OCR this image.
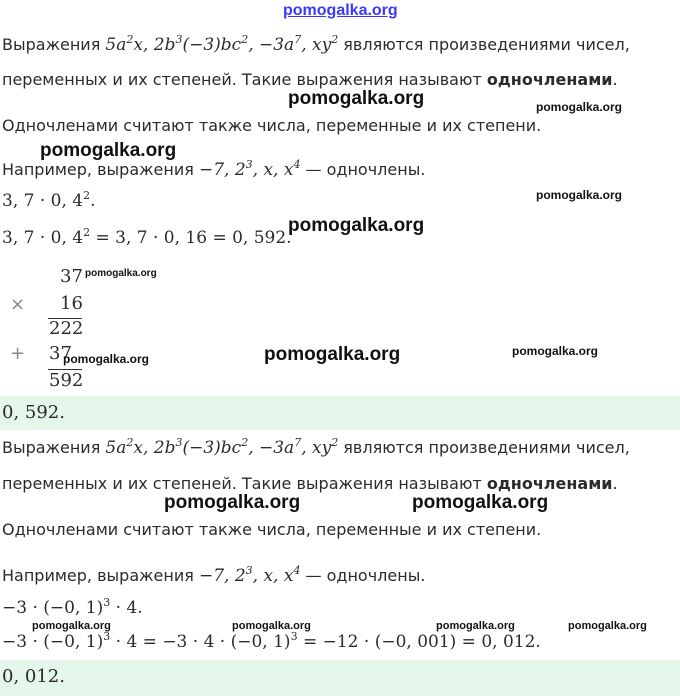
pomogalka.org
Выражения $5a^2x$, $2b^3(-3)bc^2$, $-3a^7$, $xy^2$ являются произведениями чисел,
переменных и их степеней. Такие выражения называют одночленами.
Одночленами считают также числа, переменные и их степени.
Например, выражения −7, $2^3$, x, $x^4$ — одночлены.
3, 7 · 0, $4^2$.
3, 7 · 0, $4^2 = 3$, 7 · 0, 16 = 0, 592.
37
× 16
222
+ 37
592
0, 592.
Выражения $5a^2x$, $2b^3(-3)bc^2$, $-3a^7$, $xy^2$ являются произведениями чисел,
переменных и их степеней. Такие выражения называют одночленами.
Одночленами считают также числа, переменные и их степени.
Например, выражения −7, $2^3$, x, $x^4$ — одночлены.
−3 · (−0, 1)$^3$ · 4.
−3 · (−0, 1)$^3$ · 4 = −3 · 4 · (−0, 1)$^3$ = −12 · (−0, 001) = 0, 012.
0, 012.
pomogalka.org	pomogalka.org
pomogalka.org
pomogalka.org
pomogalka.org
pomogalka.org
pomogalka.org	pomogalka.org
pomogalka.org
pomogalka.org	pomogalka.org
pomogalka.org	pomogalka.org	pomogalka.org	pomogalka.org
